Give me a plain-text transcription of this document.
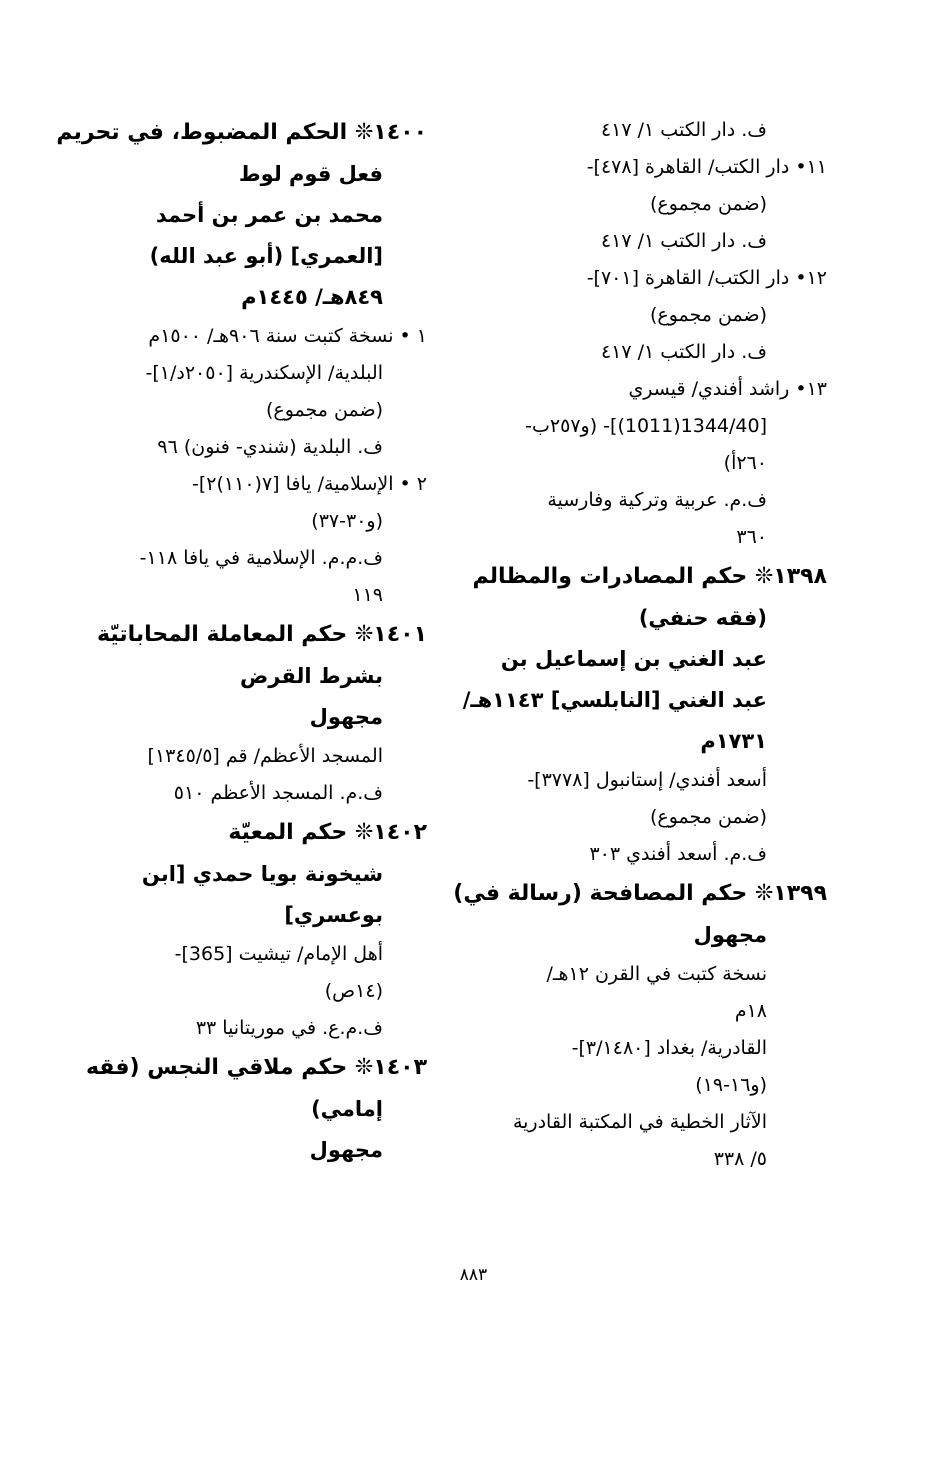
ف. دار الكتب ١/ ٤١٧
١١• دار الكتب/ القاهرة [٤٧٨]-
(ضمن مجموع)
ف. دار الكتب ١/ ٤١٧
١٢• دار الكتب/ القاهرة [٧٠١]-
(ضمن مجموع)
ف. دار الكتب ١/ ٤١٧
١٣• راشد أفندي/ قيسري
[1344/40(1011)]- (و٢٥٧ب-
٢٦٠أ)
ف.م. عربية وتركية وفارسية
٣٦٠
١٣٩٨❊ حكم المصادرات والمظالم
(فقه حنفي)
عبد الغني بن إسماعيل بن
عبد الغني [النابلسي] ١١٤٣هـ/
١٧٣١م
أسعد أفندي/ إستانبول [٣٧٧٨]-
(ضمن مجموع)
ف.م. أسعد أفندي ٣٠٣
١٣٩٩❊ حكم المصافحة (رسالة في)
مجهول
نسخة كتبت في القرن ١٢هـ/
١٨م
القادرية/ بغداد [٣/١٤٨٠]-
(و١٦-١٩)
الآثار الخطية في المكتبة القادرية
٥/ ٣٣٨
١٤٠٠❊ الحكم المضبوط، في تحريم
فعل قوم لوط
محمد بن عمر بن أحمد
[العمري] (أبو عبد الله)
٨٤٩هـ/ ١٤٤٥م
١ • نسخة كتبت سنة ٩٠٦هـ/ ١٥٠٠م
البلدية/ الإسكندرية [٢٠٥٠د/١]-
(ضمن مجموع)
ف. البلدية (شندي- فنون) ٩٦
٢ • الإسلامية/ يافا [٧(١١٠)٢]-
(و٣٠-٣٧)
ف.م.م. الإسلامية في يافا ١١٨-
١١٩
١٤٠١❊ حكم المعاملة المحاباتيّة
بشرط القرض
مجهول
المسجد الأعظم/ قم [١٣٤٥/٥]
ف.م. المسجد الأعظم ٥١٠
١٤٠٢❊ حكم المعيّة
شيخونة بويا حمدي [ابن
بوعسري]
أهل الإمام/ تيشيت [365]-
(١٤ص)
ف.م.ع. في موريتانيا ٣٣
١٤٠٣❊ حكم ملاقي النجس (فقه
إمامي)
مجهول
٨٨٣
